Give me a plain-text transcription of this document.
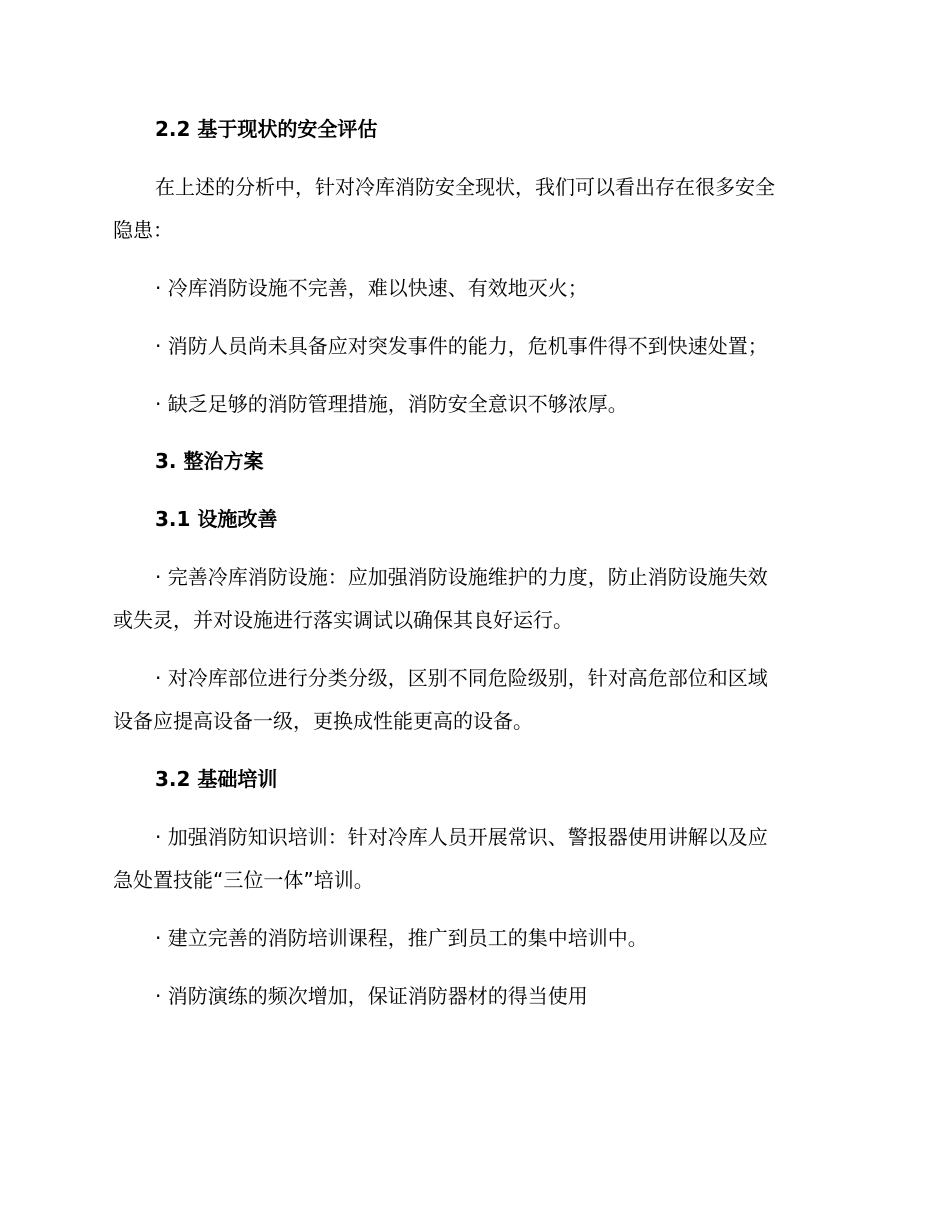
2.2 基于现状的安全评估
在上述的分析中，针对冷库消防安全现状，我们可以看出存在很多安全
隐患：
· 冷库消防设施不完善，难以快速、有效地灭火；
· 消防人员尚未具备应对突发事件的能力，危机事件得不到快速处置；
· 缺乏足够的消防管理措施，消防安全意识不够浓厚。
3. 整治方案
3.1 设施改善
· 完善冷库消防设施：应加强消防设施维护的力度，防止消防设施失效
或失灵，并对设施进行落实调试以确保其良好运行。
· 对冷库部位进行分类分级，区别不同危险级别，针对高危部位和区域
设备应提高设备一级，更换成性能更高的设备。
3.2 基础培训
· 加强消防知识培训：针对冷库人员开展常识、警报器使用讲解以及应
急处置技能“三位一体”培训。
· 建立完善的消防培训课程，推广到员工的集中培训中。
· 消防演练的频次增加，保证消防器材的得当使用
